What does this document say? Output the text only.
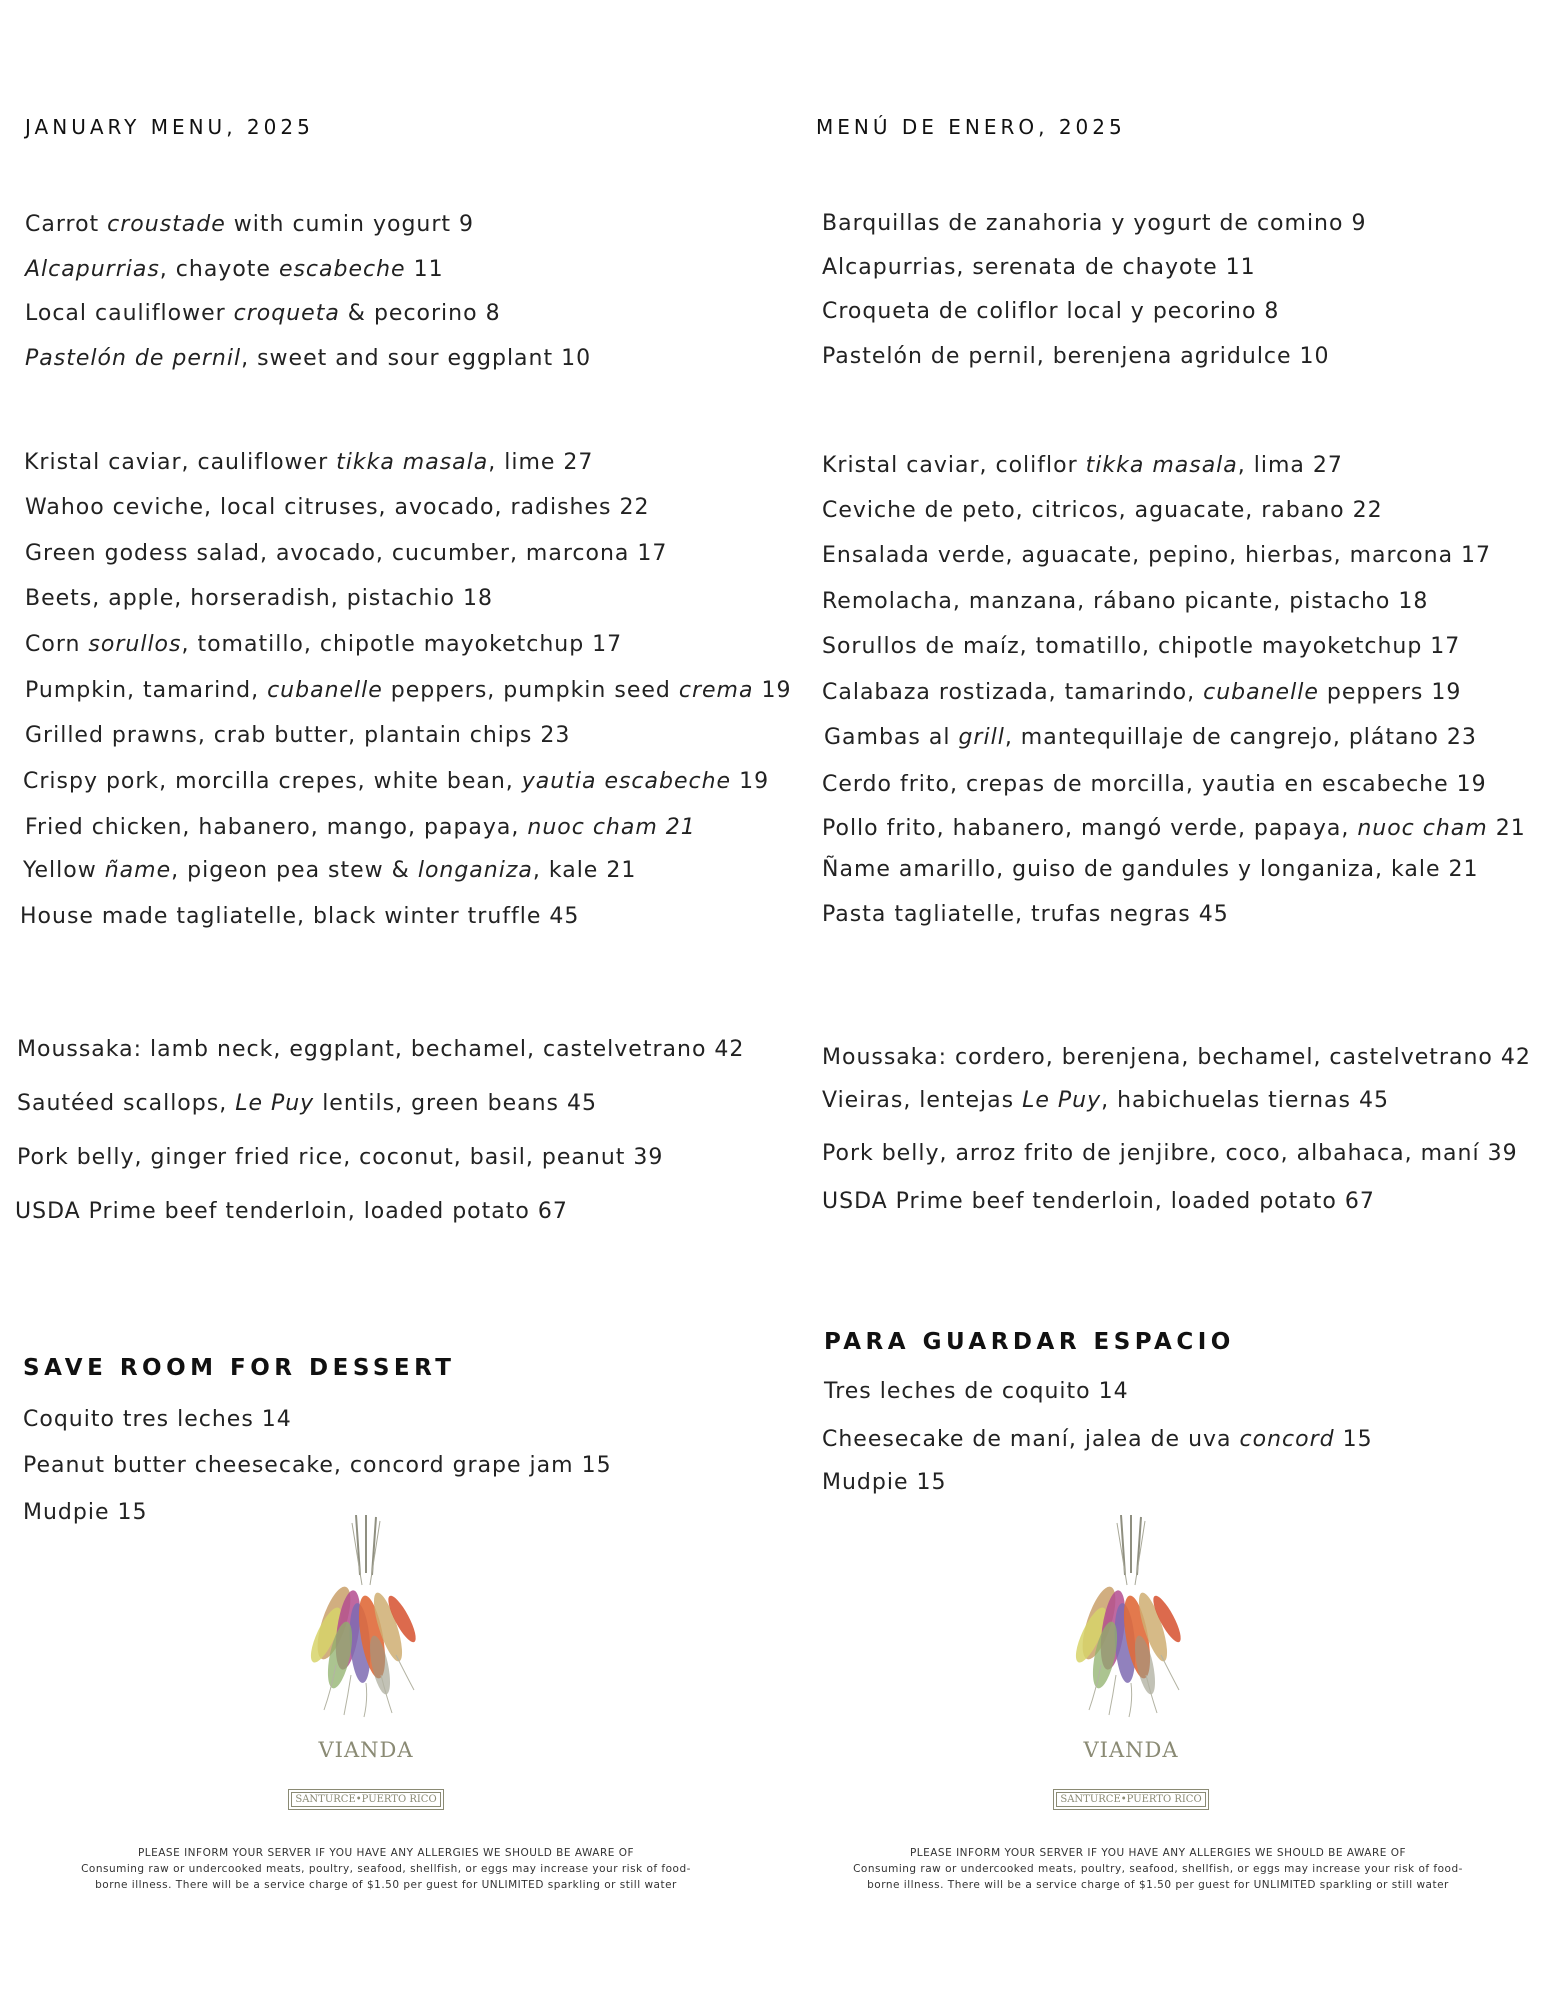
JANUARY MENU, 2025

Carrot croustade with cumin yogurt 9

Alcapurrias, chayote escabeche 11

Local cauliflower croqueta & pecorino 8

Pastelón de pernil, sweet and sour eggplant 10

Kristal caviar, cauliflower tikka masala, lime 27

Wahoo ceviche, local citruses, avocado, radishes 22

Green godess salad, avocado, cucumber, marcona 17

Beets, apple, horseradish, pistachio 18

Corn sorullos, tomatillo, chipotle mayoketchup 17

Pumpkin, tamarind, cubanelle peppers, pumpkin seed crema 19

Grilled prawns, crab butter, plantain chips 23

Crispy pork, morcilla crepes, white bean, yautia escabeche 19

Fried chicken, habanero, mango, papaya, nuoc cham 21

Yellow ñame, pigeon pea stew & longaniza, kale 21

House made tagliatelle, black winter truffle 45

Moussaka: lamb neck, eggplant, bechamel, castelvetrano 42

Sautéed scallops, Le Puy lentils, green beans 45

Pork belly, ginger fried rice, coconut, basil, peanut 39

USDA Prime beef tenderloin, loaded potato 67

SAVE ROOM FOR DESSERT

Coquito tres leches 14

Peanut butter cheesecake, concord grape jam 15

Mudpie 15

VIANDA
SANTURCE•PUERTO RICO
PLEASE INFORM YOUR SERVER IF YOU HAVE ANY ALLERGIES WE SHOULD BE AWARE OF
Consuming raw or undercooked meats, poultry, seafood, shellfish, or eggs may increase your risk of food-
borne illness. There will be a service charge of $1.50 per guest for UNLIMITED sparkling or still water
MENÚ DE ENERO, 2025

Barquillas de zanahoria y yogurt de comino 9

Alcapurrias, serenata de chayote 11

Croqueta de coliflor local y pecorino 8

Pastelón de pernil, berenjena agridulce 10

Kristal caviar, coliflor tikka masala, lima 27

Ceviche de peto, citricos, aguacate, rabano 22

Ensalada verde, aguacate, pepino, hierbas, marcona 17

Remolacha, manzana, rábano picante, pistacho 18

Sorullos de maíz, tomatillo, chipotle mayoketchup 17

Calabaza rostizada, tamarindo, cubanelle peppers 19

Gambas al grill, mantequillaje de cangrejo, plátano 23

Cerdo frito, crepas de morcilla, yautia en escabeche 19

Pollo frito, habanero, mangó verde, papaya, nuoc cham 21

Ñame amarillo, guiso de gandules y longaniza, kale 21

Pasta tagliatelle, trufas negras 45

Moussaka: cordero, berenjena, bechamel, castelvetrano 42

Vieiras, lentejas Le Puy, habichuelas tiernas 45

Pork belly, arroz frito de jenjibre, coco, albahaca, maní 39

USDA Prime beef tenderloin, loaded potato 67

PARA GUARDAR ESPACIO

Tres leches de coquito 14

Cheesecake de maní, jalea de uva concord 15

Mudpie 15

VIANDA
SANTURCE•PUERTO RICO
PLEASE INFORM YOUR SERVER IF YOU HAVE ANY ALLERGIES WE SHOULD BE AWARE OF
Consuming raw or undercooked meats, poultry, seafood, shellfish, or eggs may increase your risk of food-
borne illness. There will be a service charge of $1.50 per guest for UNLIMITED sparkling or still water
